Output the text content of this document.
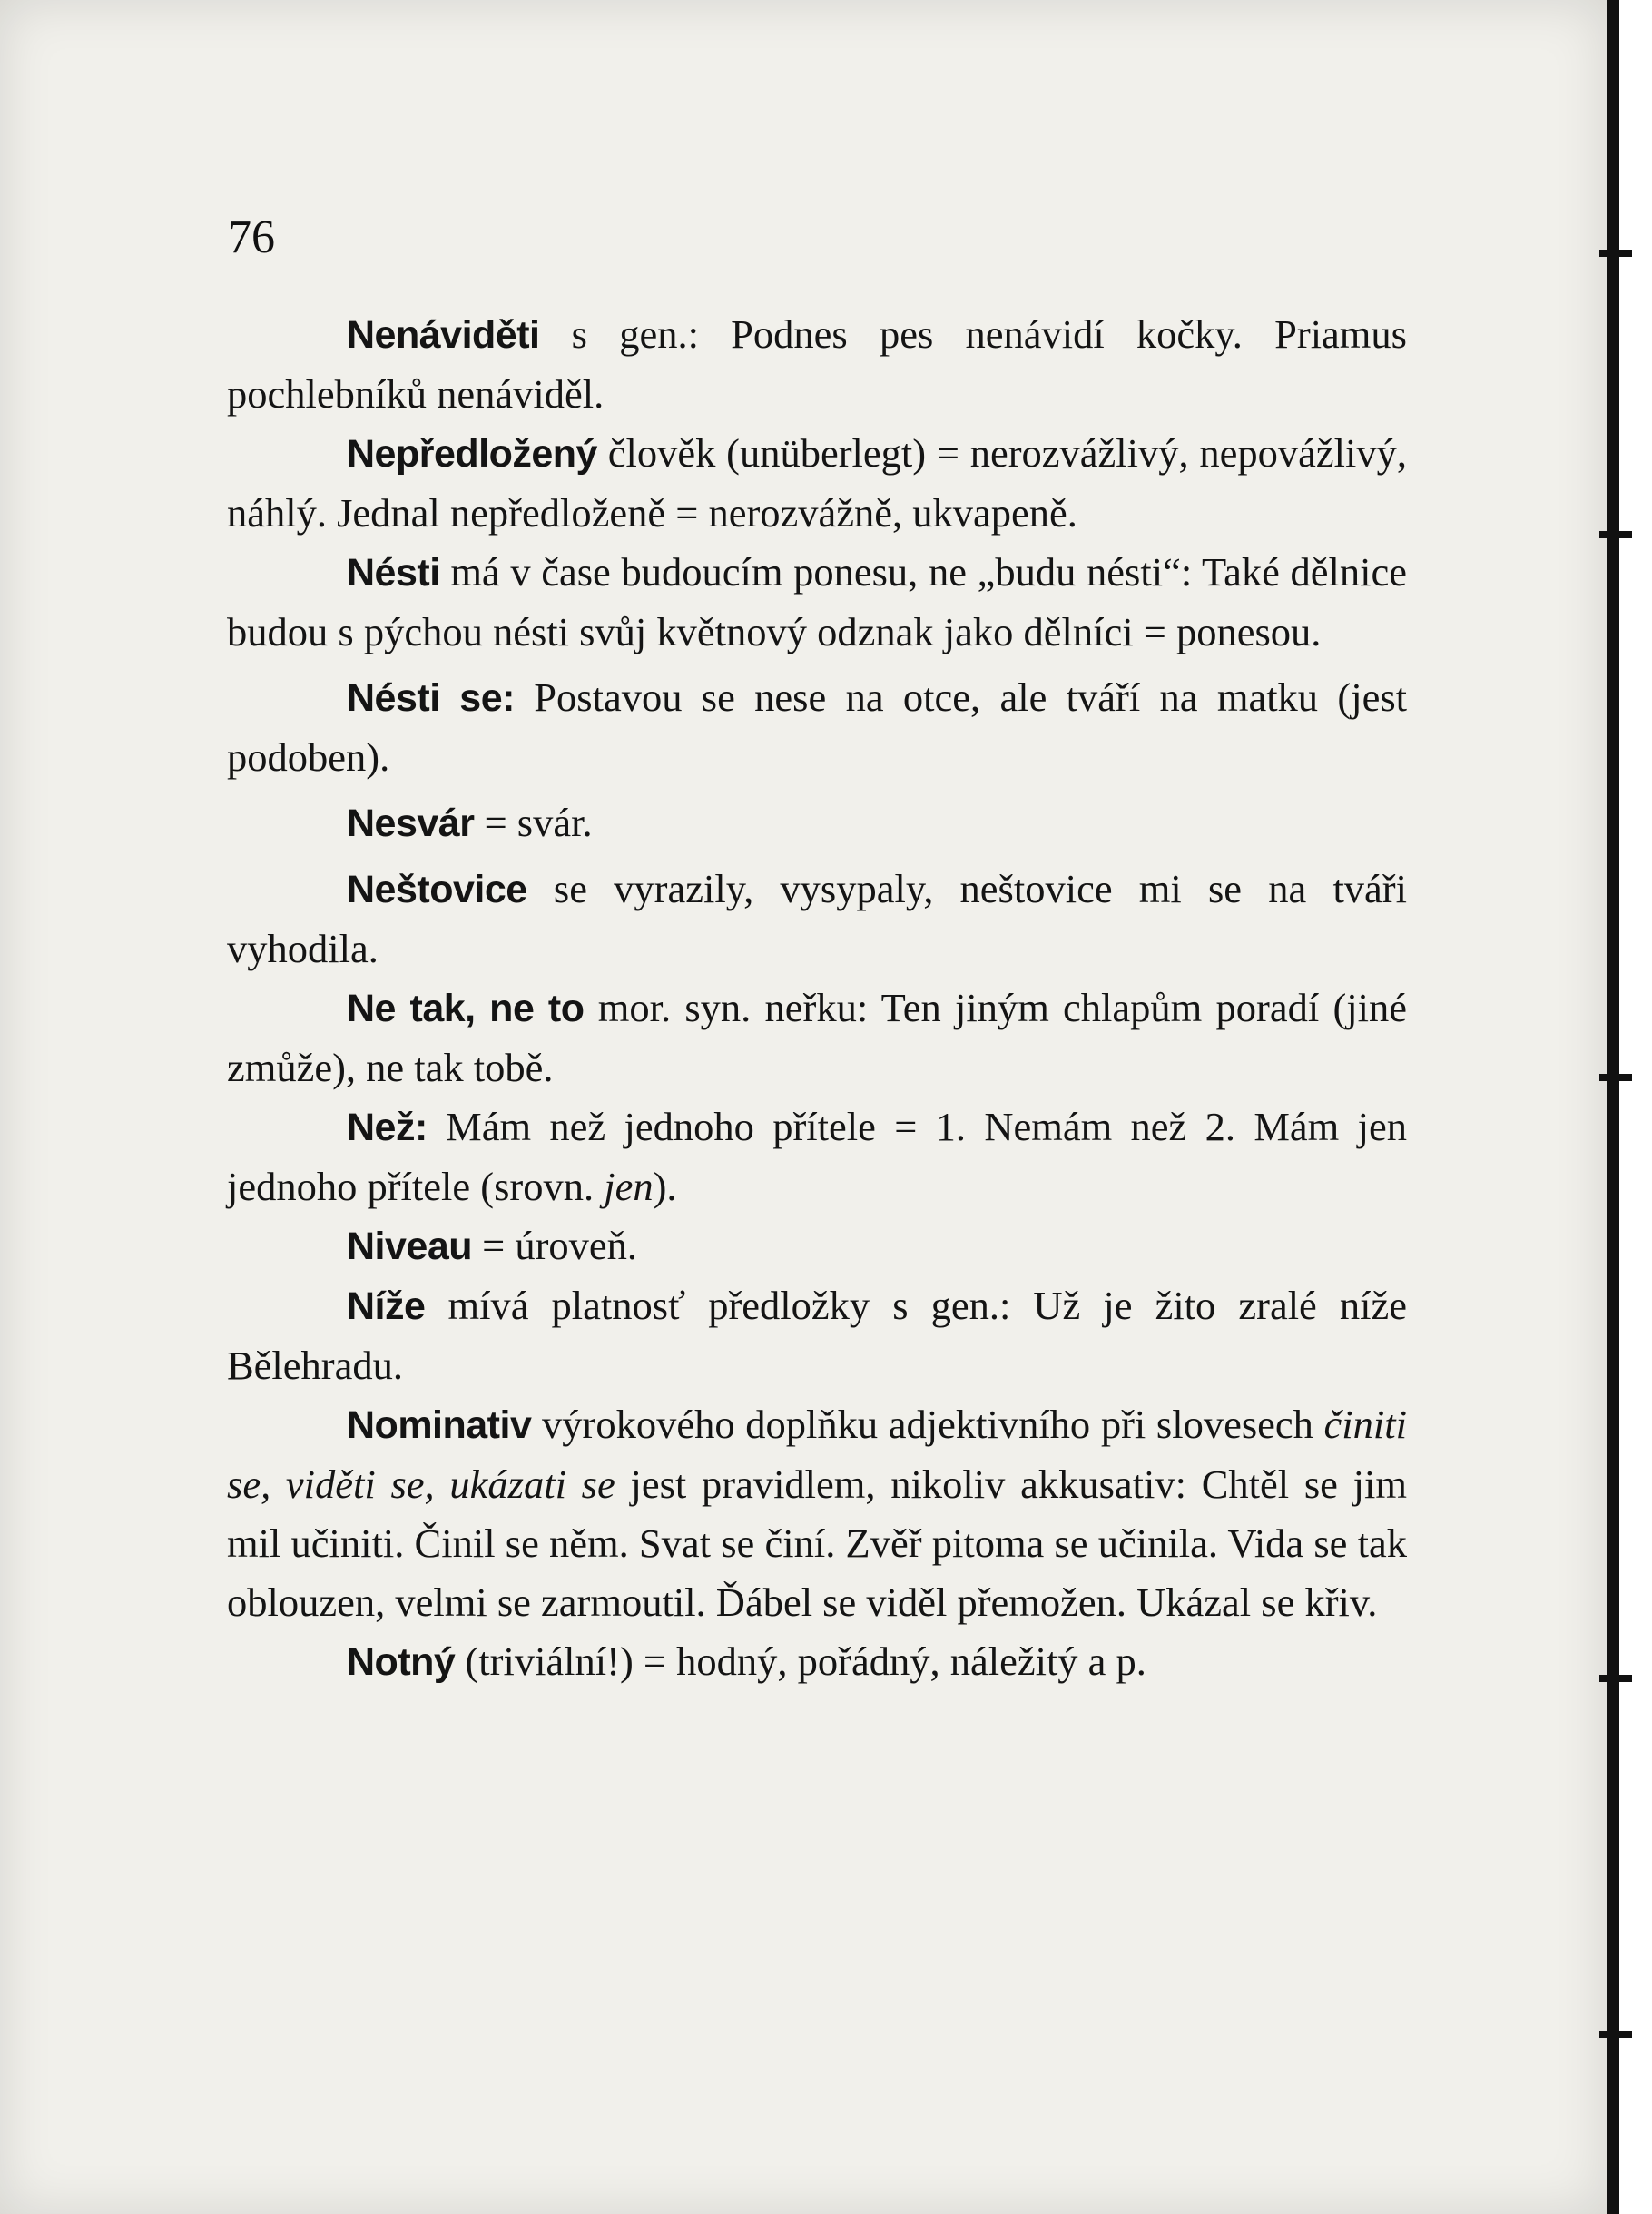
76

Nenáviděti s gen.: Podnes pes nenávidí kočky. Priamus pochlebníků nenáviděl.

Nepředložený člověk (unüberlegt) = nerozvážlivý, nepovážlivý, náhlý. Jednal nepředloženě = nerozvážně, ukvapeně.

Nésti má v čase budoucím ponesu, ne „budu nésti“: Také dělnice budou s pýchou nésti svůj květnový odznak jako dělníci = ponesou.

Nésti se: Postavou se nese na otce, ale tváří na matku (jest podoben).

Nesvár = svár.

Neštovice se vyrazily, vysypaly, neštovice mi se na tváři vyhodila.

Ne tak, ne to mor. syn. neřku: Ten jiným chlapům poradí (jiné zmůže), ne tak tobě.

Než: Mám než jednoho přítele = 1. Nemám než 2. Mám jen jednoho přítele (srovn. jen).

Niveau = úroveň.

Níže mívá platnosť předložky s gen.: Už je žito zralé níže Bělehradu.

Nominativ výrokového doplňku adjektivního při slovesech činiti se, viděti se, ukázati se jest pravidlem, nikoliv akkusativ: Chtěl se jim mil učiniti. Činil se něm. Svat se činí. Zvěř pitoma se učinila. Vida se tak oblouzen, velmi se zarmoutil. Ďábel se viděl přemožen. Ukázal se křiv.

Notný (triviální!) = hodný, pořádný, náležitý a p.
